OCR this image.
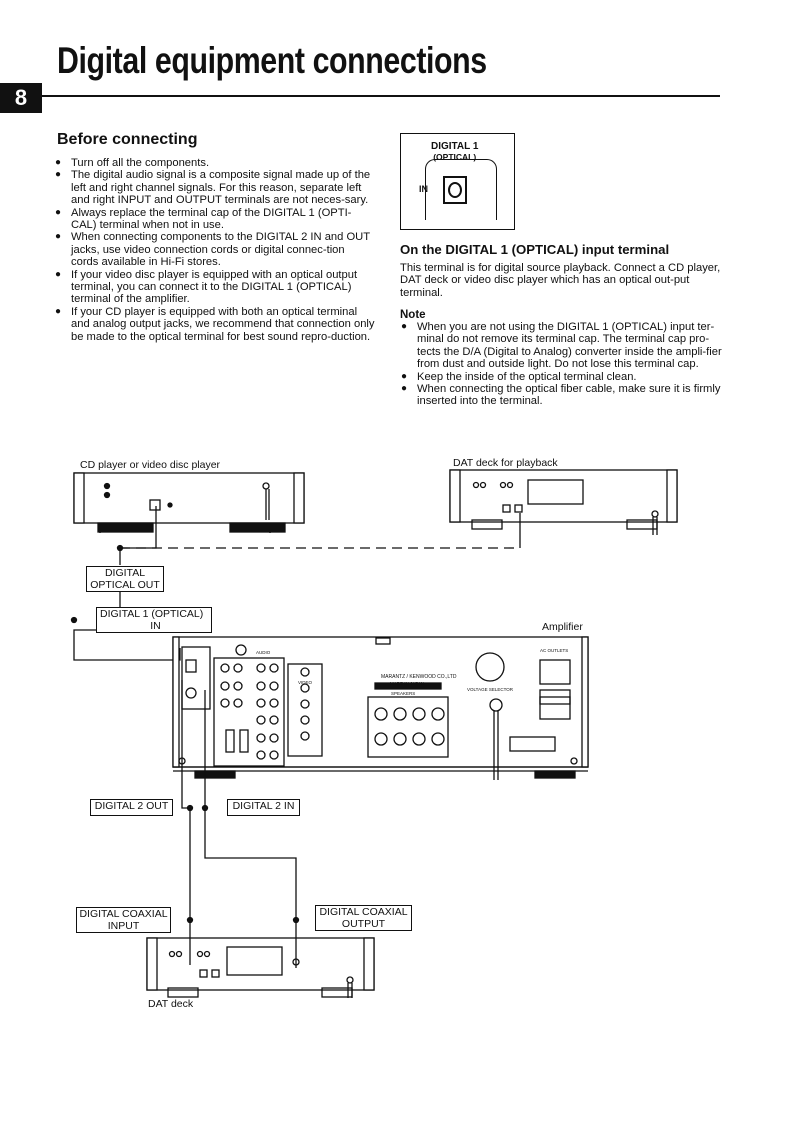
Digital equipment connections
8
Before connecting
● Turn off all the components.
● The digital audio signal is a composite signal made up of the left and right channel signals. For this reason, separate left and right INPUT and OUTPUT terminals are not neces-sary.
● Always replace the terminal cap of the DIGITAL 1 (OPTI-CAL) terminal when not in use.
● When connecting components to the DIGITAL 2 IN and OUT jacks, use video connection cords or digital connec-tion cords available in Hi-Fi stores.
● If your video disc player is equipped with an optical output terminal, you can connect it to the DIGITAL 1 (OPTICAL) terminal of the amplifier.
● If your CD player is equipped with both an optical terminal and analog output jacks, we recommend that connection only be made to the optical terminal for best sound repro-duction.
DIGITAL 1
(OPTICAL)
IN
On the DIGITAL 1 (OPTICAL) input terminal

This terminal is for digital source playback. Connect a CD player, DAT deck or video disc player which has an optical out-put terminal.

Note
● When you are not using the DIGITAL 1 (OPTICAL) input ter-minal do not remove its terminal cap. The terminal cap pro-tects the D/A (Digital to Analog) converter inside the ampli-fier from dust and outside light. Do not lose this terminal cap.
● Keep the inside of the optical terminal clean.
● When connecting the optical fiber cable, make sure it is firmly inserted into the terminal.
CD player or video disc player	DAT deck for playback
DIGITAL
OPTICAL OUT
DIGITAL 1 (OPTICAL)
IN	Amplifier
MARANTZ / KENWOOD CO.,LTD
MADE IN JAPAN
VOLTAGE SELECTOR
AC OUTLETS
SPEAKERS
VIDEO
AUDIO
DIGITAL 2 OUT	DIGITAL 2 IN
DIGITAL COAXIAL
INPUT
DIGITAL COAXIAL
OUTPUT
DAT deck
